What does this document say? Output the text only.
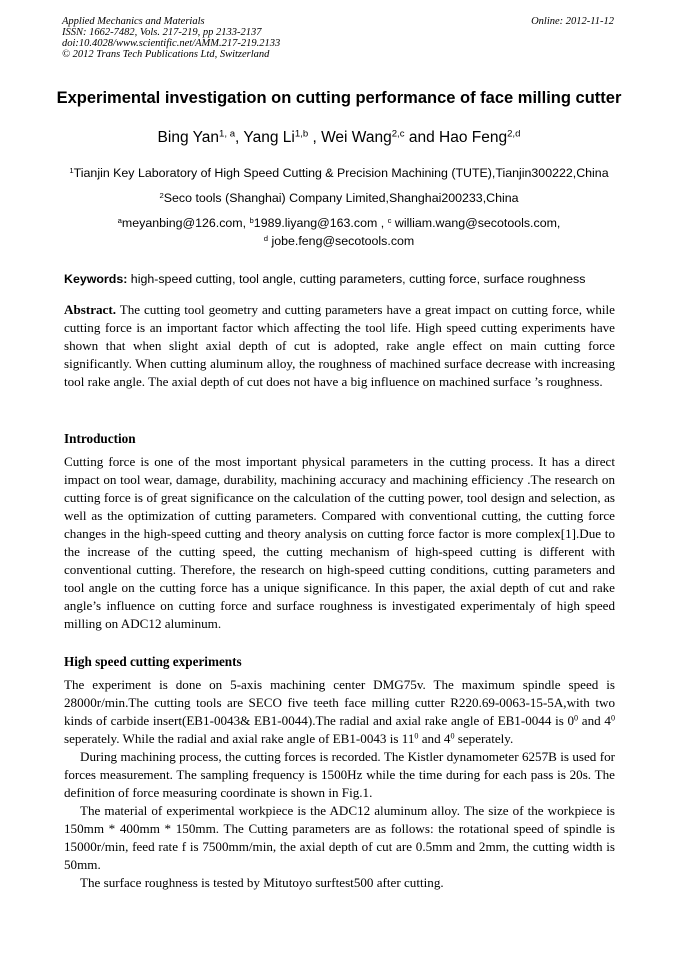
Applied Mechanics and Materials
ISSN: 1662-7482, Vols. 217-219, pp 2133-2137
doi:10.4028/www.scientific.net/AMM.217-219.2133
© 2012 Trans Tech Publications Ltd, Switzerland
Online: 2012-11-12
Experimental investigation on cutting performance of face milling cutter
Bing Yan$^{1, a}$, Yang Li$^{1,b}$ , Wei Wang$^{2,c}$ and Hao Feng$^{2,d}$
$^1$Tianjin Key Laboratory of High Speed Cutting & Precision Machining (TUTE),Tianjin300222,China
$^2$Seco tools (Shanghai) Company Limited,Shanghai200233,China
$^a$meyanbing@126.com, $^b$1989.liyang@163.com , $^c$ william.wang@secotools.com,
$^d$ jobe.feng@secotools.com
Keywords: high-speed cutting, tool angle, cutting parameters, cutting force, surface roughness
Abstract. The cutting tool geometry and cutting parameters have a great impact on cutting force, while cutting force is an important factor which affecting the tool life. High speed cutting experiments have shown that when slight axial depth of cut is adopted, rake angle effect on main cutting force significantly. When cutting aluminum alloy, the roughness of machined surface decrease with increasing tool rake angle. The axial depth of cut does not have a big influence on machined surface ’s roughness.
Introduction

Cutting force is one of the most important physical parameters in the cutting process. It has a direct impact on tool wear, damage, durability, machining accuracy and machining efficiency .The research on cutting force is of great significance on the calculation of the cutting power, tool design and selection, as well as the optimization of cutting parameters. Compared with conventional cutting, the cutting force changes in the high-speed cutting and theory analysis on cutting force factor is more complex[1].Due to the increase of the cutting speed, the cutting mechanism of high-speed cutting is different with conventional cutting. Therefore, the research on high-speed cutting conditions, cutting parameters and tool angle on the cutting force has a unique significance. In this paper, the axial depth of cut and rake angle’s influence on cutting force and surface roughness is investigated experimentaly of high speed milling on ADC12 aluminum.

High speed cutting experiments

The experiment is done on 5-axis machining center DMG75v. The maximum spindle speed is 28000r/min.The cutting tools are SECO five teeth face milling cutter R220.69-0063-15-5A,with two kinds of carbide insert(EB1-0043& EB1-0044).The radial and axial rake angle of EB1-0044 is $0^0$ and $4^0$ seperately. While the radial and axial rake angle of EB1-0043 is $11^0$ and $4^0$ seperately.

During machining process, the cutting forces is recorded. The Kistler dynamometer 6257B is used for forces measurement. The sampling frequency is 1500Hz while the time during for each pass is 20s. The definition of force measuring coordinate is shown in Fig.1.

The material of experimental workpiece is the ADC12 aluminum alloy. The size of the workpiece is 150mm * 400mm * 150mm. The Cutting parameters are as follows: the rotational speed of spindle is 15000r/min, feed rate f is 7500mm/min, the axial depth of cut are 0.5mm and 2mm, the cutting width is 50mm.

The surface roughness is tested by Mitutoyo surftest500 after cutting.
